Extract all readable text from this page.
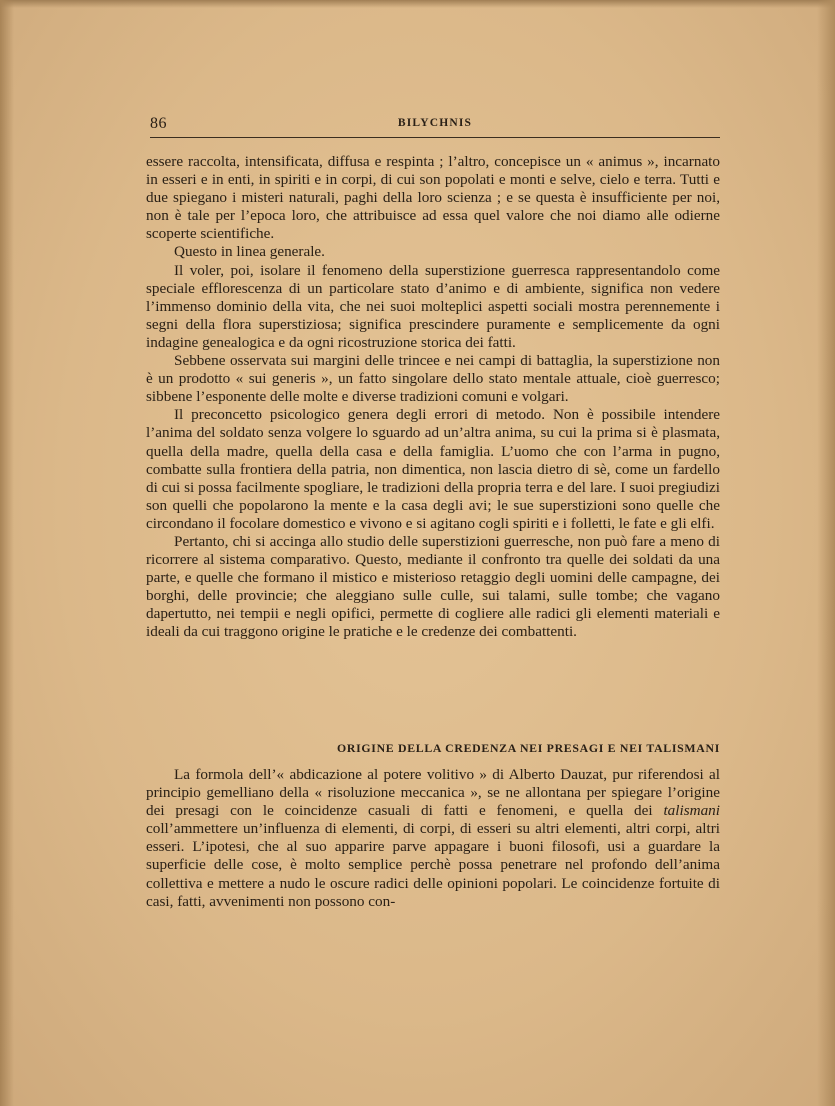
86	BILYCHNIS

essere raccolta, intensificata, diffusa e respinta ; l’altro, concepisce un « animus », incarnato in esseri e in enti, in spiriti e in corpi, di cui son popolati e monti e selve, cielo e terra. Tutti e due spiegano i misteri naturali, paghi della loro scienza ; e se questa è insufficiente per noi, non è tale per l’epoca loro, che attribuisce ad essa quel valore che noi diamo alle odierne scoperte scientifiche.

Questo in linea generale.

Il voler, poi, isolare il fenomeno della superstizione guerresca rappresentandolo come speciale efflorescenza di un particolare stato d’animo e di ambiente, significa non vedere l’immenso dominio della vita, che nei suoi molteplici aspetti sociali mostra perennemente i segni della flora superstiziosa; significa prescindere puramente e semplicemente da ogni indagine genealogica e da ogni ricostruzione storica dei fatti.

Sebbene osservata sui margini delle trincee e nei campi di battaglia, la superstizione non è un prodotto « sui generis », un fatto singolare dello stato mentale attuale, cioè guerresco; sibbene l’esponente delle molte e diverse tradizioni comuni e volgari.

Il preconcetto psicologico genera degli errori di metodo. Non è possibile intendere l’anima del soldato senza volgere lo sguardo ad un’altra anima, su cui la prima si è plasmata, quella della madre, quella della casa e della famiglia. L’uomo che con l’arma in pugno, combatte sulla frontiera della patria, non dimentica, non lascia dietro di sè, come un fardello di cui si possa facilmente spogliare, le tradizioni della propria terra e del lare. I suoi pregiudizi son quelli che popolarono la mente e la casa degli avi; le sue superstizioni sono quelle che circondano il focolare domestico e vivono e si agitano cogli spiriti e i folletti, le fate e gli elfi.

Pertanto, chi si accinga allo studio delle superstizioni guerresche, non può fare a meno di ricorrere al sistema comparativo. Questo, mediante il confronto tra quelle dei soldati da una parte, e quelle che formano il mistico e misterioso retaggio degli uomini delle campagne, dei borghi, delle provincie; che aleggiano sulle culle, sui talami, sulle tombe; che vagano dapertutto, nei tempii e negli opifici, permette di cogliere alle radici gli elementi materiali e ideali da cui traggono origine le pratiche e le credenze dei combattenti.

ORIGINE DELLA CREDENZA NEI PRESAGI E NEI TALISMANI

La formola dell’« abdicazione al potere volitivo » di Alberto Dauzat, pur riferendosi al principio gemelliano della « risoluzione meccanica », se ne allontana per spiegare l’origine dei presagi con le coincidenze casuali di fatti e fenomeni, e quella dei talismani coll’ammettere un’influenza di elementi, di corpi, di esseri su altri elementi, altri corpi, altri esseri. L’ipotesi, che al suo apparire parve appagare i buoni filosofi, usi a guardare la superficie delle cose, è molto semplice perchè possa penetrare nel profondo dell’anima collettiva e mettere a nudo le oscure radici delle opinioni popolari. Le coincidenze fortuite di casi, fatti, avvenimenti non possono con-
